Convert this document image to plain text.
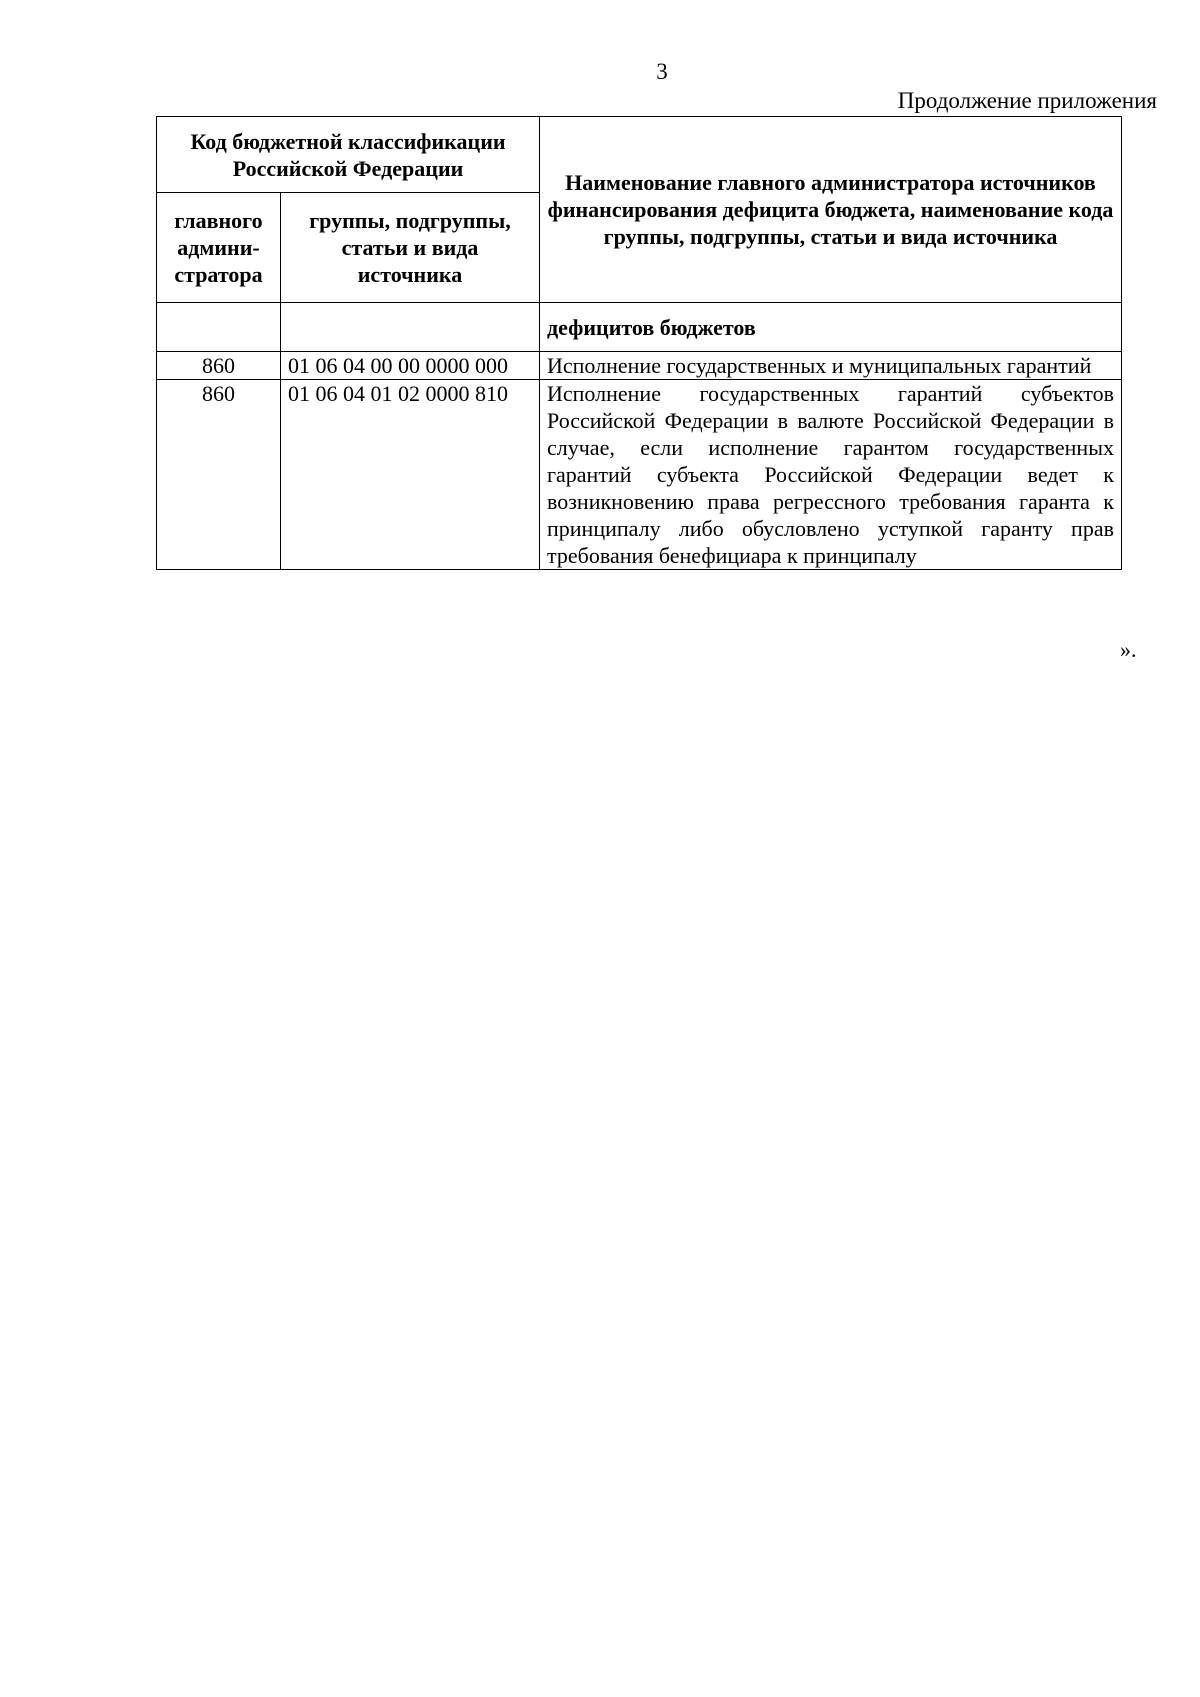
3
Продолжение приложения
Код бюджетной классификации Российской Федерации		Наименование главного администратора источников финансирования дефицита бюджета, наименование кода группы, подгруппы, статьи и вида источника
главного админи-стратора	группы, подгруппы, статьи и вида источника	
		дефицитов бюджетов
860	01 06 04 00 00 0000 000	Исполнение государственных и муниципальных гарантий
860	01 06 04 01 02 0000 810	Исполнение государственных гарантий субъектов Российской Федерации в валюте Российской Федерации в случае, если исполнение гарантом государственных гарантий субъекта Российской Федерации ведет к возникновению права регрессного требования гаранта к принципалу либо обусловлено уступкой гаранту прав требования бенефициара к принципалу
».
